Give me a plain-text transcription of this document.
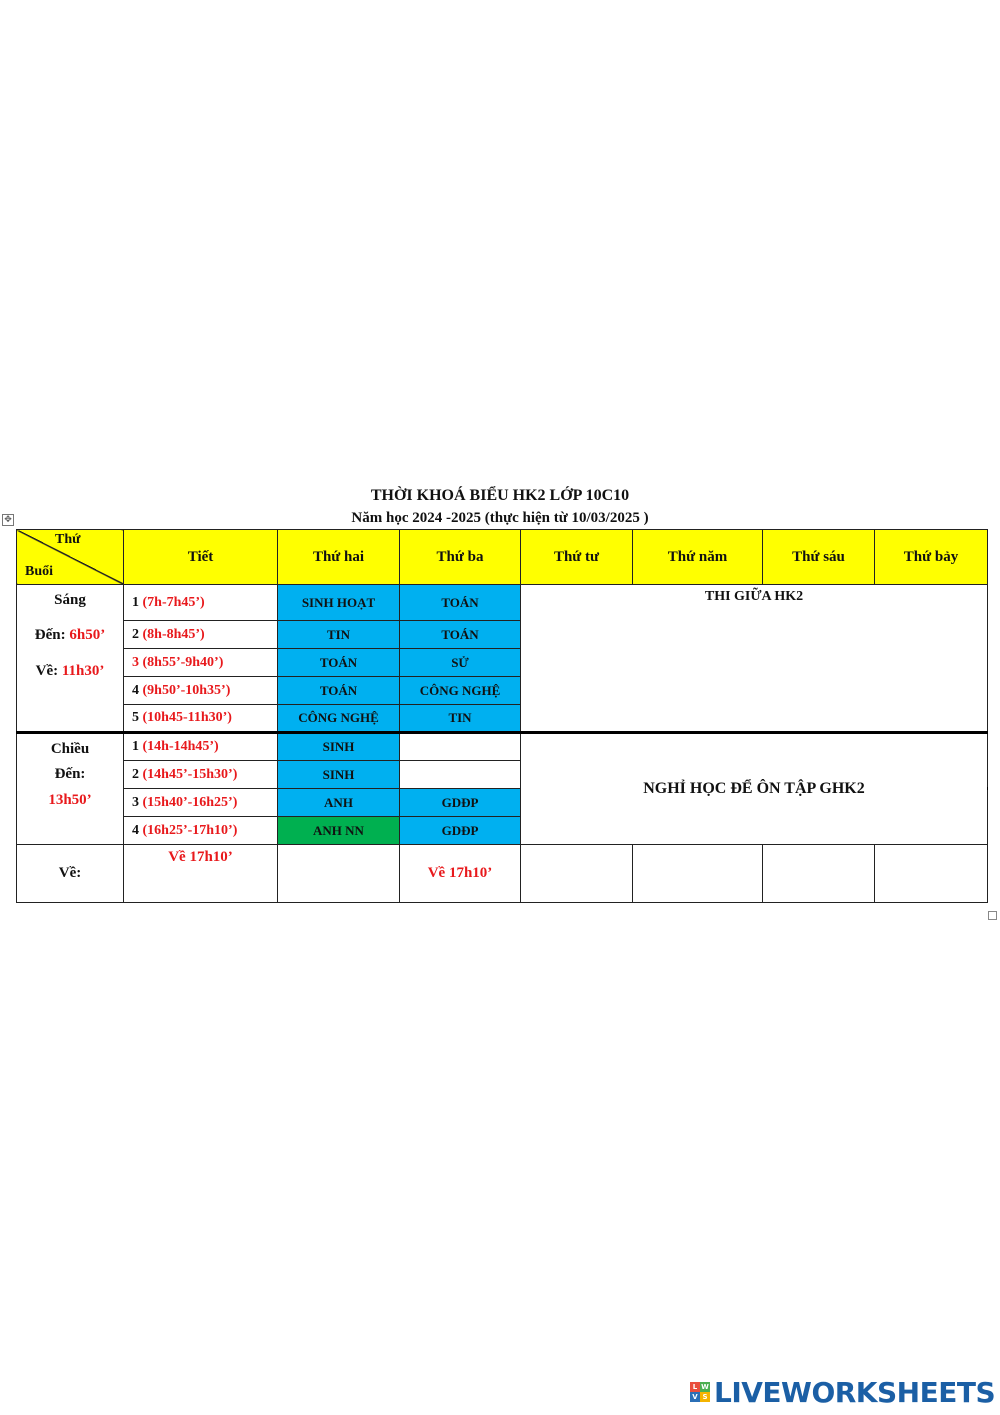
THỜI KHOÁ BIỂU HK2 LỚP 10C10
Năm học 2024 -2025 (thực hiện từ 10/03/2025 )
✥
Thứ
Buổi	Tiết	Thứ hai	Thứ ba	Thứ tư	Thứ năm	Thứ sáu	Thứ bảy	

Sáng
Đến: 6h50’
Về: 11h30’	1 (7h-7h45’)	SINH HOẠT	TOÁN	THI GIỮA HK2				
	2 (8h-8h45’)	TIN	TOÁN					
	3 (8h55’-9h40’)	TOÁN	SỬ					
	4 (9h50’-10h35’)	TOÁN	CÔNG NGHỆ					
	5 (10h45-11h30’)	CÔNG NGHỆ	TIN					

Chiều
Đến:
13h50’	1 (14h-14h45’)	SINH		NGHỈ HỌC ĐỂ ÔN TẬP GHK2				
	2 (14h45’-15h30’)	SINH						
	3 (15h40’-16h25’)	ANH	GDĐP					
	4 (16h25’-17h10’)	ANH NN	GDĐP					
Về:	Về 17h10’		Về 17h10’					
L W
V S LIVEWORKSHEETS
